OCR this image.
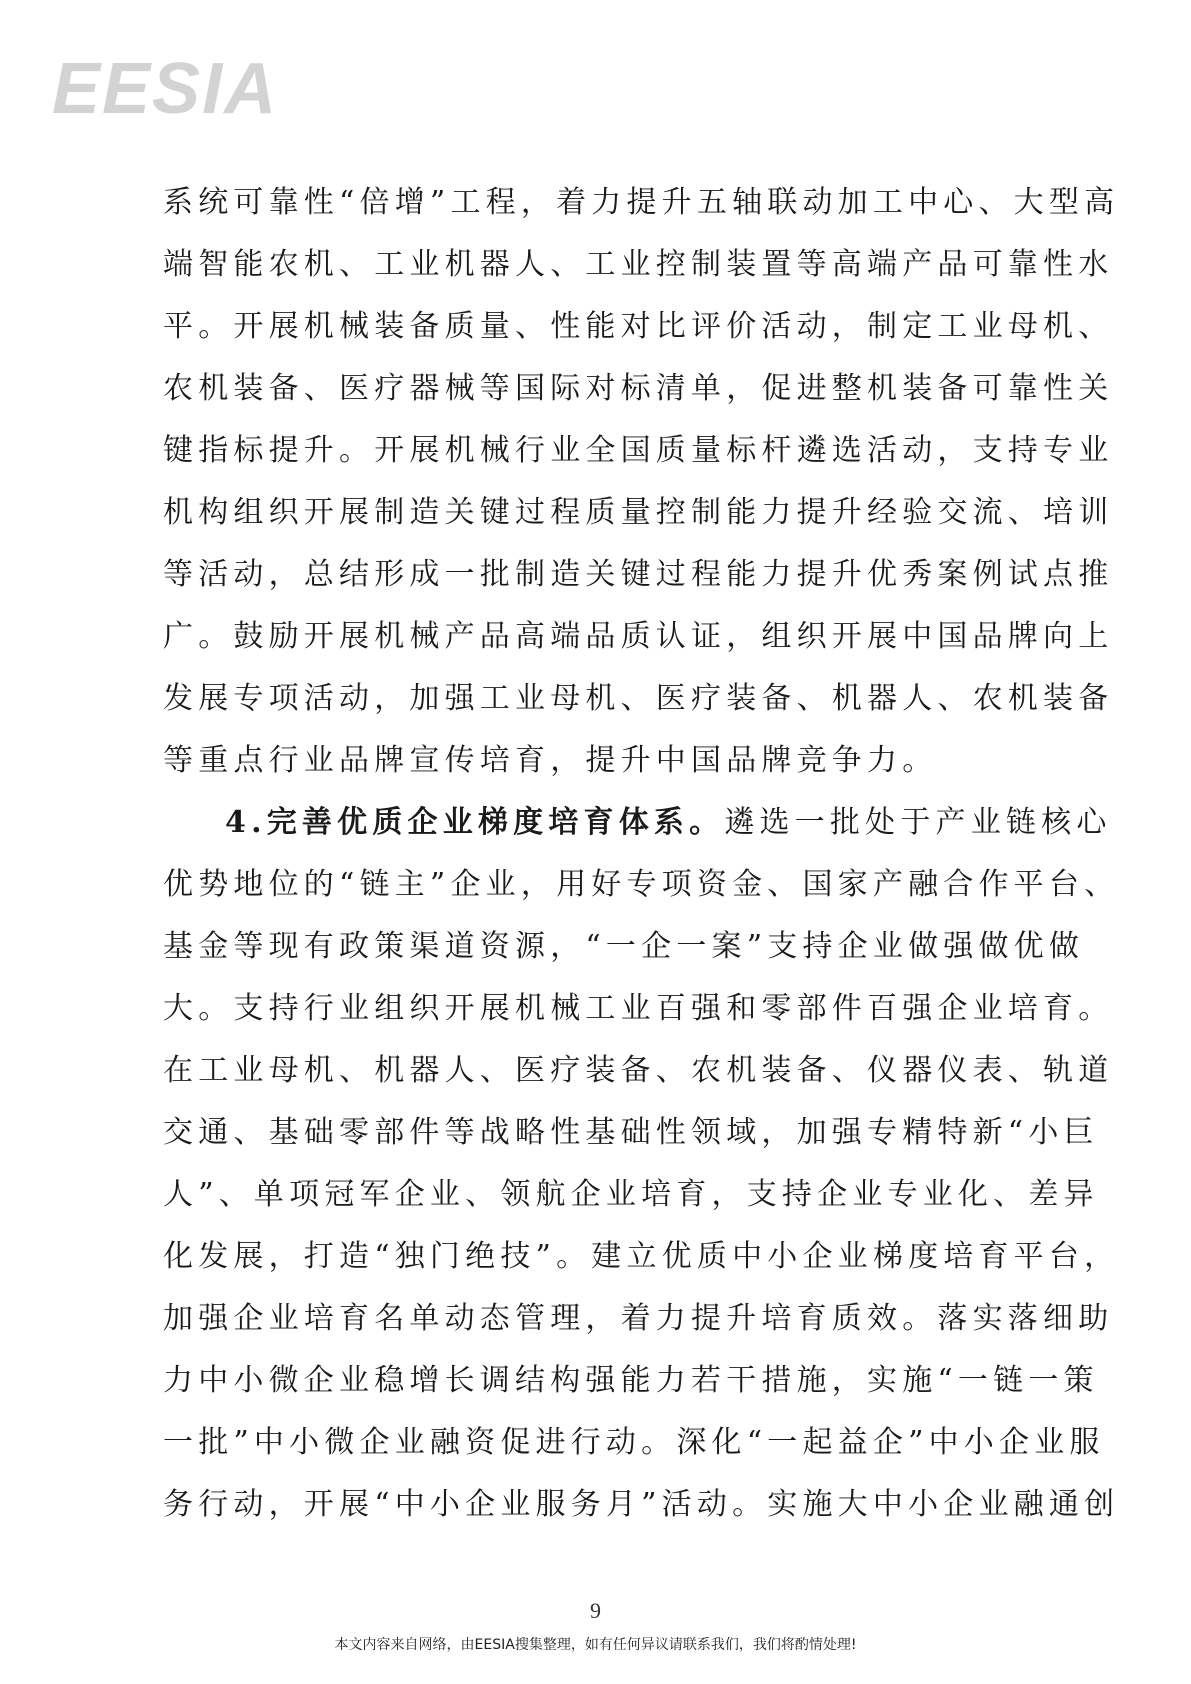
EESIA
系统可靠性“倍增”工程，着力提升五轴联动加工中心、大型高
端智能农机、工业机器人、工业控制装置等高端产品可靠性水
平。开展机械装备质量、性能对比评价活动，制定工业母机、
农机装备、医疗器械等国际对标清单，促进整机装备可靠性关
键指标提升。开展机械行业全国质量标杆遴选活动，支持专业
机构组织开展制造关键过程质量控制能力提升经验交流、培训
等活动，总结形成一批制造关键过程能力提升优秀案例试点推
广。鼓励开展机械产品高端品质认证，组织开展中国品牌向上
发展专项活动，加强工业母机、医疗装备、机器人、农机装备
等重点行业品牌宣传培育，提升中国品牌竞争力。
4.完善优质企业梯度培育体系。遴选一批处于产业链核心
优势地位的“链主”企业，用好专项资金、国家产融合作平台、
基金等现有政策渠道资源，“一企一案”支持企业做强做优做
大。支持行业组织开展机械工业百强和零部件百强企业培育。
在工业母机、机器人、医疗装备、农机装备、仪器仪表、轨道
交通、基础零部件等战略性基础性领域，加强专精特新“小巨
人”、单项冠军企业、领航企业培育，支持企业专业化、差异
化发展，打造“独门绝技”。建立优质中小企业梯度培育平台，
加强企业培育名单动态管理，着力提升培育质效。落实落细助
力中小微企业稳增长调结构强能力若干措施，实施“一链一策
一批”中小微企业融资促进行动。深化“一起益企”中小企业服
务行动，开展“中小企业服务月”活动。实施大中小企业融通创
9
本文内容来自网络，由EESIA搜集整理，如有任何异议请联系我们，我们将酌情处理!
